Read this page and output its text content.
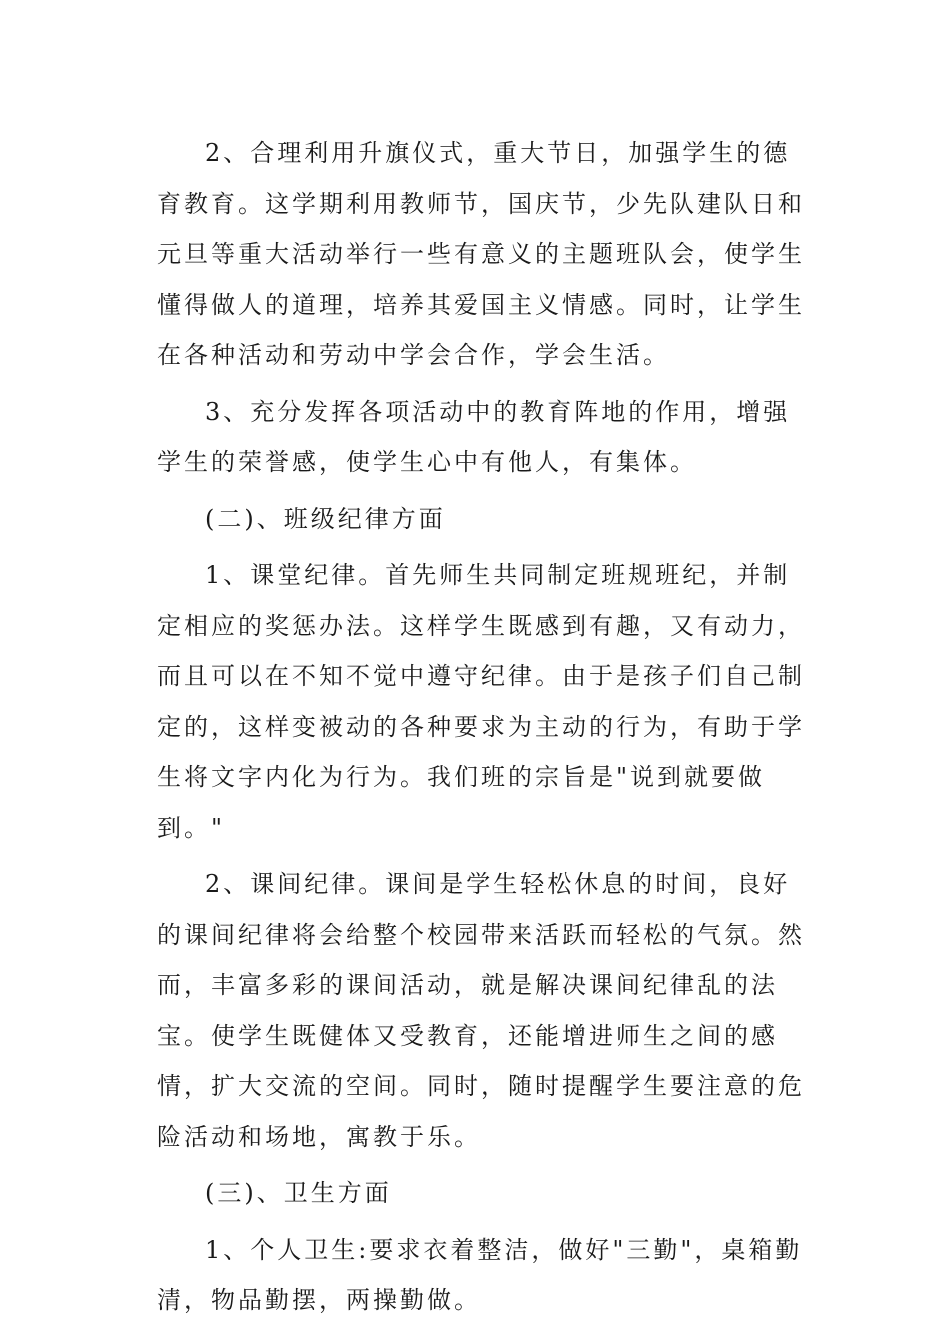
2、合理利用升旗仪式，重大节日，加强学生的德育教育。这学期利用教师节，国庆节，少先队建队日和元旦等重大活动举行一些有意义的主题班队会，使学生懂得做人的道理，培养其爱国主义情感。同时，让学生在各种活动和劳动中学会合作，学会生活。

3、充分发挥各项活动中的教育阵地的作用，增强学生的荣誉感，使学生心中有他人，有集体。

(二)、班级纪律方面

1、课堂纪律。首先师生共同制定班规班纪，并制定相应的奖惩办法。这样学生既感到有趣，又有动力，而且可以在不知不觉中遵守纪律。由于是孩子们自己制定的，这样变被动的各种要求为主动的行为，有助于学生将文字内化为行为。我们班的宗旨是"说到就要做到。"

2、课间纪律。课间是学生轻松休息的时间，良好的课间纪律将会给整个校园带来活跃而轻松的气氛。然而，丰富多彩的课间活动，就是解决课间纪律乱的法宝。使学生既健体又受教育，还能增进师生之间的感情，扩大交流的空间。同时，随时提醒学生要注意的危险活动和场地，寓教于乐。

(三)、卫生方面

1、个人卫生:要求衣着整洁，做好"三勤"，桌箱勤清，物品勤摆，两操勤做。
